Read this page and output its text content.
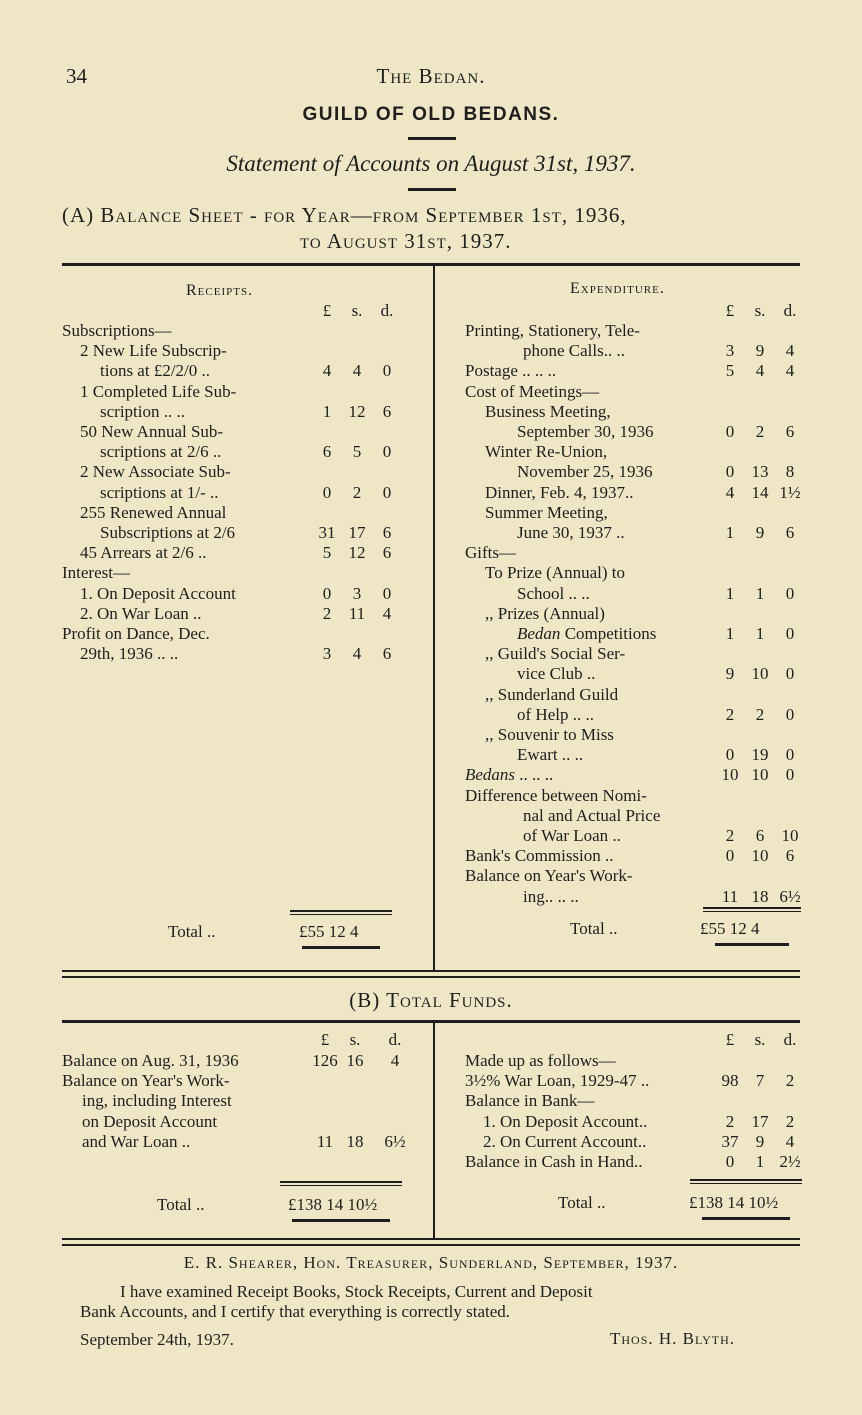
34	The Bedan.
GUILD OF OLD BEDANS.
Statement of Accounts on August 31st, 1937.
(A) Balance Sheet - for Year—from September 1st, 1936,
to August 31st, 1937.
Receipts.
£	s.	d.
Subscriptions—
2 New Life Subscrip-
tions at £2/2/0 ..	4	4	0
1 Completed Life Sub-
scription .. ..	1	12	6
50 New Annual Sub-
scriptions at 2/6 ..	6	5	0
2 New Associate Sub-
scriptions at 1/- ..	0	2	0
255 Renewed Annual
Subscriptions at 2/6	31 17	6
45 Arrears at 2/6 ..	5	12	6
Interest—
1. On Deposit Account	0	3	0
2. On War Loan ..	2	11	4
Profit on Dance, Dec.
29th, 1936 .. ..	3	4	6
Total ..	£55 12 4
Expenditure.
£	s.	d.
Printing, Stationery, Tele-
phone Calls.. ..	3	9	4
Postage .. .. ..	5	4	4
Cost of Meetings—
Business Meeting,
September 30, 1936	0	2	6
Winter Re-Union,
November 25, 1936	0	13	8
Dinner, Feb. 4, 1937..	4	14 1½
Summer Meeting,
June 30, 1937 ..	1	9	6
Gifts—
To Prize (Annual) to
School .. ..	1	1	0
,, Prizes (Annual)
Bedan Competitions	1	1	0
,, Guild's Social Ser-
vice Club ..	9	10	0
,, Sunderland Guild
of Help .. ..	2	2	0
,, Souvenir to Miss
Ewart .. ..	0	19	0
Bedans .. .. ..	10 10	0
Difference between Nomi-
nal and Actual Price
of War Loan ..	2	6	10
Bank's Commission ..	0	10	6
Balance on Year's Work-
ing.. .. ..	11 18 6½
Total ..	£55 12 4
(B) Total Funds.
£	s.	d.
Balance on Aug. 31, 1936	126 16	4
Balance on Year's Work-
ing, including Interest
on Deposit Account
and War Loan ..	11 18	6½
Total ..	£138 14 10½
£	s.	d.
Made up as follows—
3½% War Loan, 1929-47 ..	98	7	2
Balance in Bank—
1. On Deposit Account..	2	17	2
2. On Current Account..	37	9	4
Balance in Cash in Hand..	0	1 2½
Total ..	£138 14 10½
E. R. Shearer, Hon. Treasurer, Sunderland, September, 1937.
I have examined Receipt Books, Stock Receipts, Current and Deposit
Bank Accounts, and I certify that everything is correctly stated.
September 24th, 1937.	Thos. H. Blyth.
